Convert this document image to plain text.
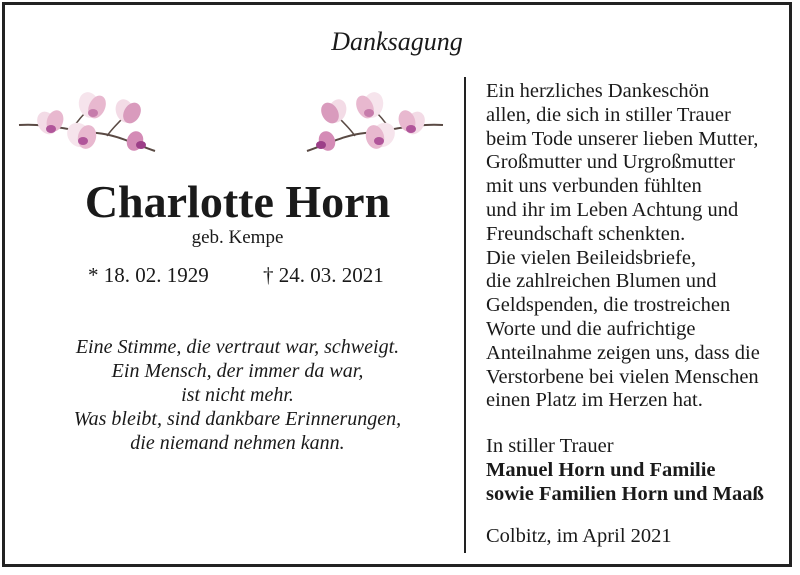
Danksagung
Charlotte Horn
geb. Kempe
* 18. 02. 1929	† 24. 03. 2021
Eine Stimme, die vertraut war, schweigt.
Ein Mensch, der immer da war,
ist nicht mehr.
Was bleibt, sind dankbare Erinnerungen,
die niemand nehmen kann.
Ein herzliches Dankeschön
allen, die sich in stiller Trauer
beim Tode unserer lieben Mutter,
Großmutter und Urgroßmutter
mit uns verbunden fühlten
und ihr im Leben Achtung und
Freundschaft schenkten.
Die vielen Beileidsbriefe,
die zahlreichen Blumen und
Geldspenden, die trostreichen
Worte und die aufrichtige
Anteilnahme zeigen uns, dass die
Verstorbene bei vielen Menschen
einen Platz im Herzen hat.
In stiller Trauer
Manuel Horn und Familie
sowie Familien Horn und Maaß
Colbitz, im April 2021
